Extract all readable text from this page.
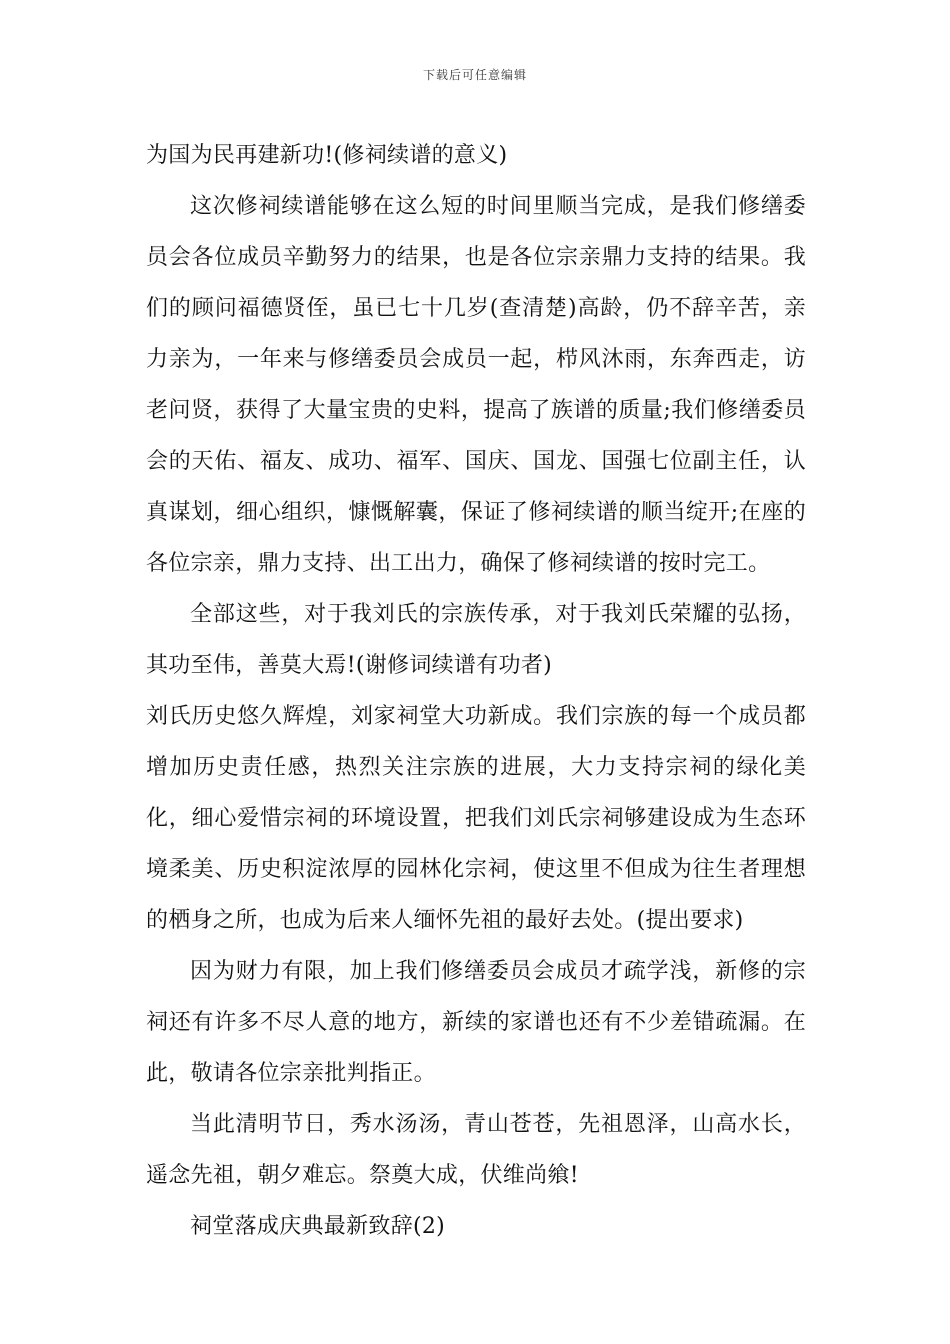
下载后可任意编辑

为国为民再建新功!(修祠续谱的意义)

这次修祠续谱能够在这么短的时间里顺当完成，是我们修缮委员会各位成员辛勤努力的结果，也是各位宗亲鼎力支持的结果。我们的顾问福德贤侄，虽已七十几岁(查清楚)高龄，仍不辞辛苦，亲力亲为，一年来与修缮委员会成员一起，栉风沐雨，东奔西走，访老问贤，获得了大量宝贵的史料，提高了族谱的质量;我们修缮委员会的天佑、福友、成功、福军、国庆、国龙、国强七位副主任，认真谋划，细心组织，慷慨解囊，保证了修祠续谱的顺当绽开;在座的各位宗亲，鼎力支持、出工出力，确保了修祠续谱的按时完工。

全部这些，对于我刘氏的宗族传承，对于我刘氏荣耀的弘扬，其功至伟，善莫大焉!(谢修词续谱有功者)

刘氏历史悠久辉煌，刘家祠堂大功新成。我们宗族的每一个成员都增加历史责任感，热烈关注宗族的进展，大力支持宗祠的绿化美化，细心爱惜宗祠的环境设置，把我们刘氏宗祠够建设成为生态环境柔美、历史积淀浓厚的园林化宗祠，使这里不但成为往生者理想的栖身之所，也成为后来人缅怀先祖的最好去处。(提出要求)

因为财力有限，加上我们修缮委员会成员才疏学浅，新修的宗祠还有许多不尽人意的地方，新续的家谱也还有不少差错疏漏。在此，敬请各位宗亲批判指正。

当此清明节日，秀水汤汤，青山苍苍，先祖恩泽，山高水长，遥念先祖，朝夕难忘。祭奠大成，伏维尚飨!

祠堂落成庆典最新致辞(2)
